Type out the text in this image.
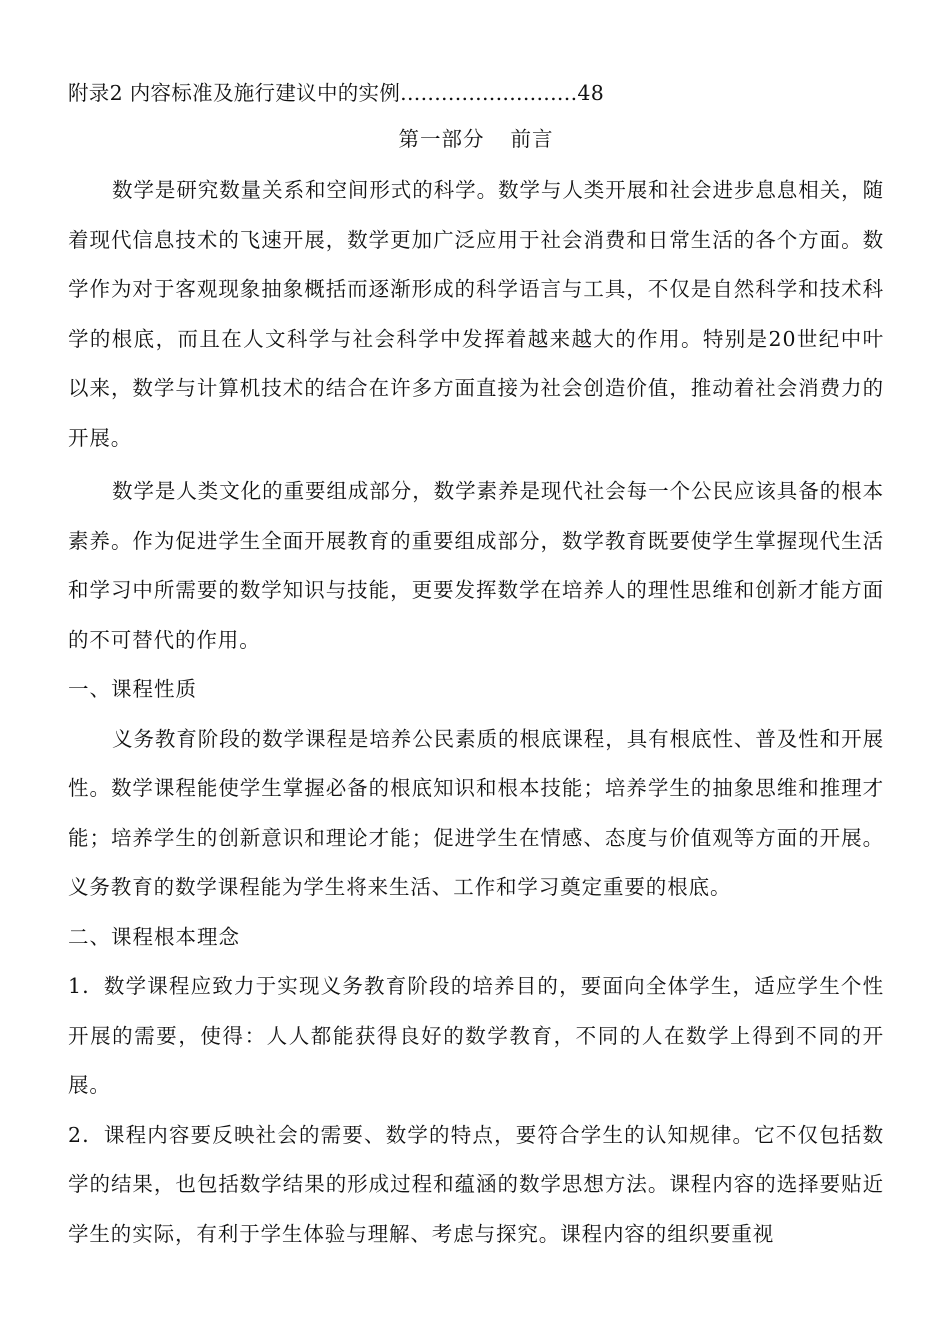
附录2 内容标准及施行建议中的实例..........................48
第一部分 前言

数学是研究数量关系和空间形式的科学。数学与人类开展和社会进步息息相关，随着现代信息技术的飞速开展，数学更加广泛应用于社会消费和日常生活的各个方面。数学作为对于客观现象抽象概括而逐渐形成的科学语言与工具，不仅是自然科学和技术科学的根底，而且在人文科学与社会科学中发挥着越来越大的作用。特别是20世纪中叶以来，数学与计算机技术的结合在许多方面直接为社会创造价值，推动着社会消费力的开展。

数学是人类文化的重要组成部分，数学素养是现代社会每一个公民应该具备的根本素养。作为促进学生全面开展教育的重要组成部分，数学教育既要使学生掌握现代生活和学习中所需要的数学知识与技能，更要发挥数学在培养人的理性思维和创新才能方面的不可替代的作用。

一、课程性质

义务教育阶段的数学课程是培养公民素质的根底课程，具有根底性、普及性和开展性。数学课程能使学生掌握必备的根底知识和根本技能；培养学生的抽象思维和推理才能；培养学生的创新意识和理论才能；促进学生在情感、态度与价值观等方面的开展。义务教育的数学课程能为学生将来生活、工作和学习奠定重要的根底。

二、课程根本理念

1．数学课程应致力于实现义务教育阶段的培养目的，要面向全体学生，适应学生个性开展的需要，使得：人人都能获得良好的数学教育，不同的人在数学上得到不同的开展。

2．课程内容要反映社会的需要、数学的特点，要符合学生的认知规律。它不仅包括数学的结果，也包括数学结果的形成过程和蕴涵的数学思想方法。课程内容的选择要贴近学生的实际，有利于学生体验与理解、考虑与探究。课程内容的组织要重视
